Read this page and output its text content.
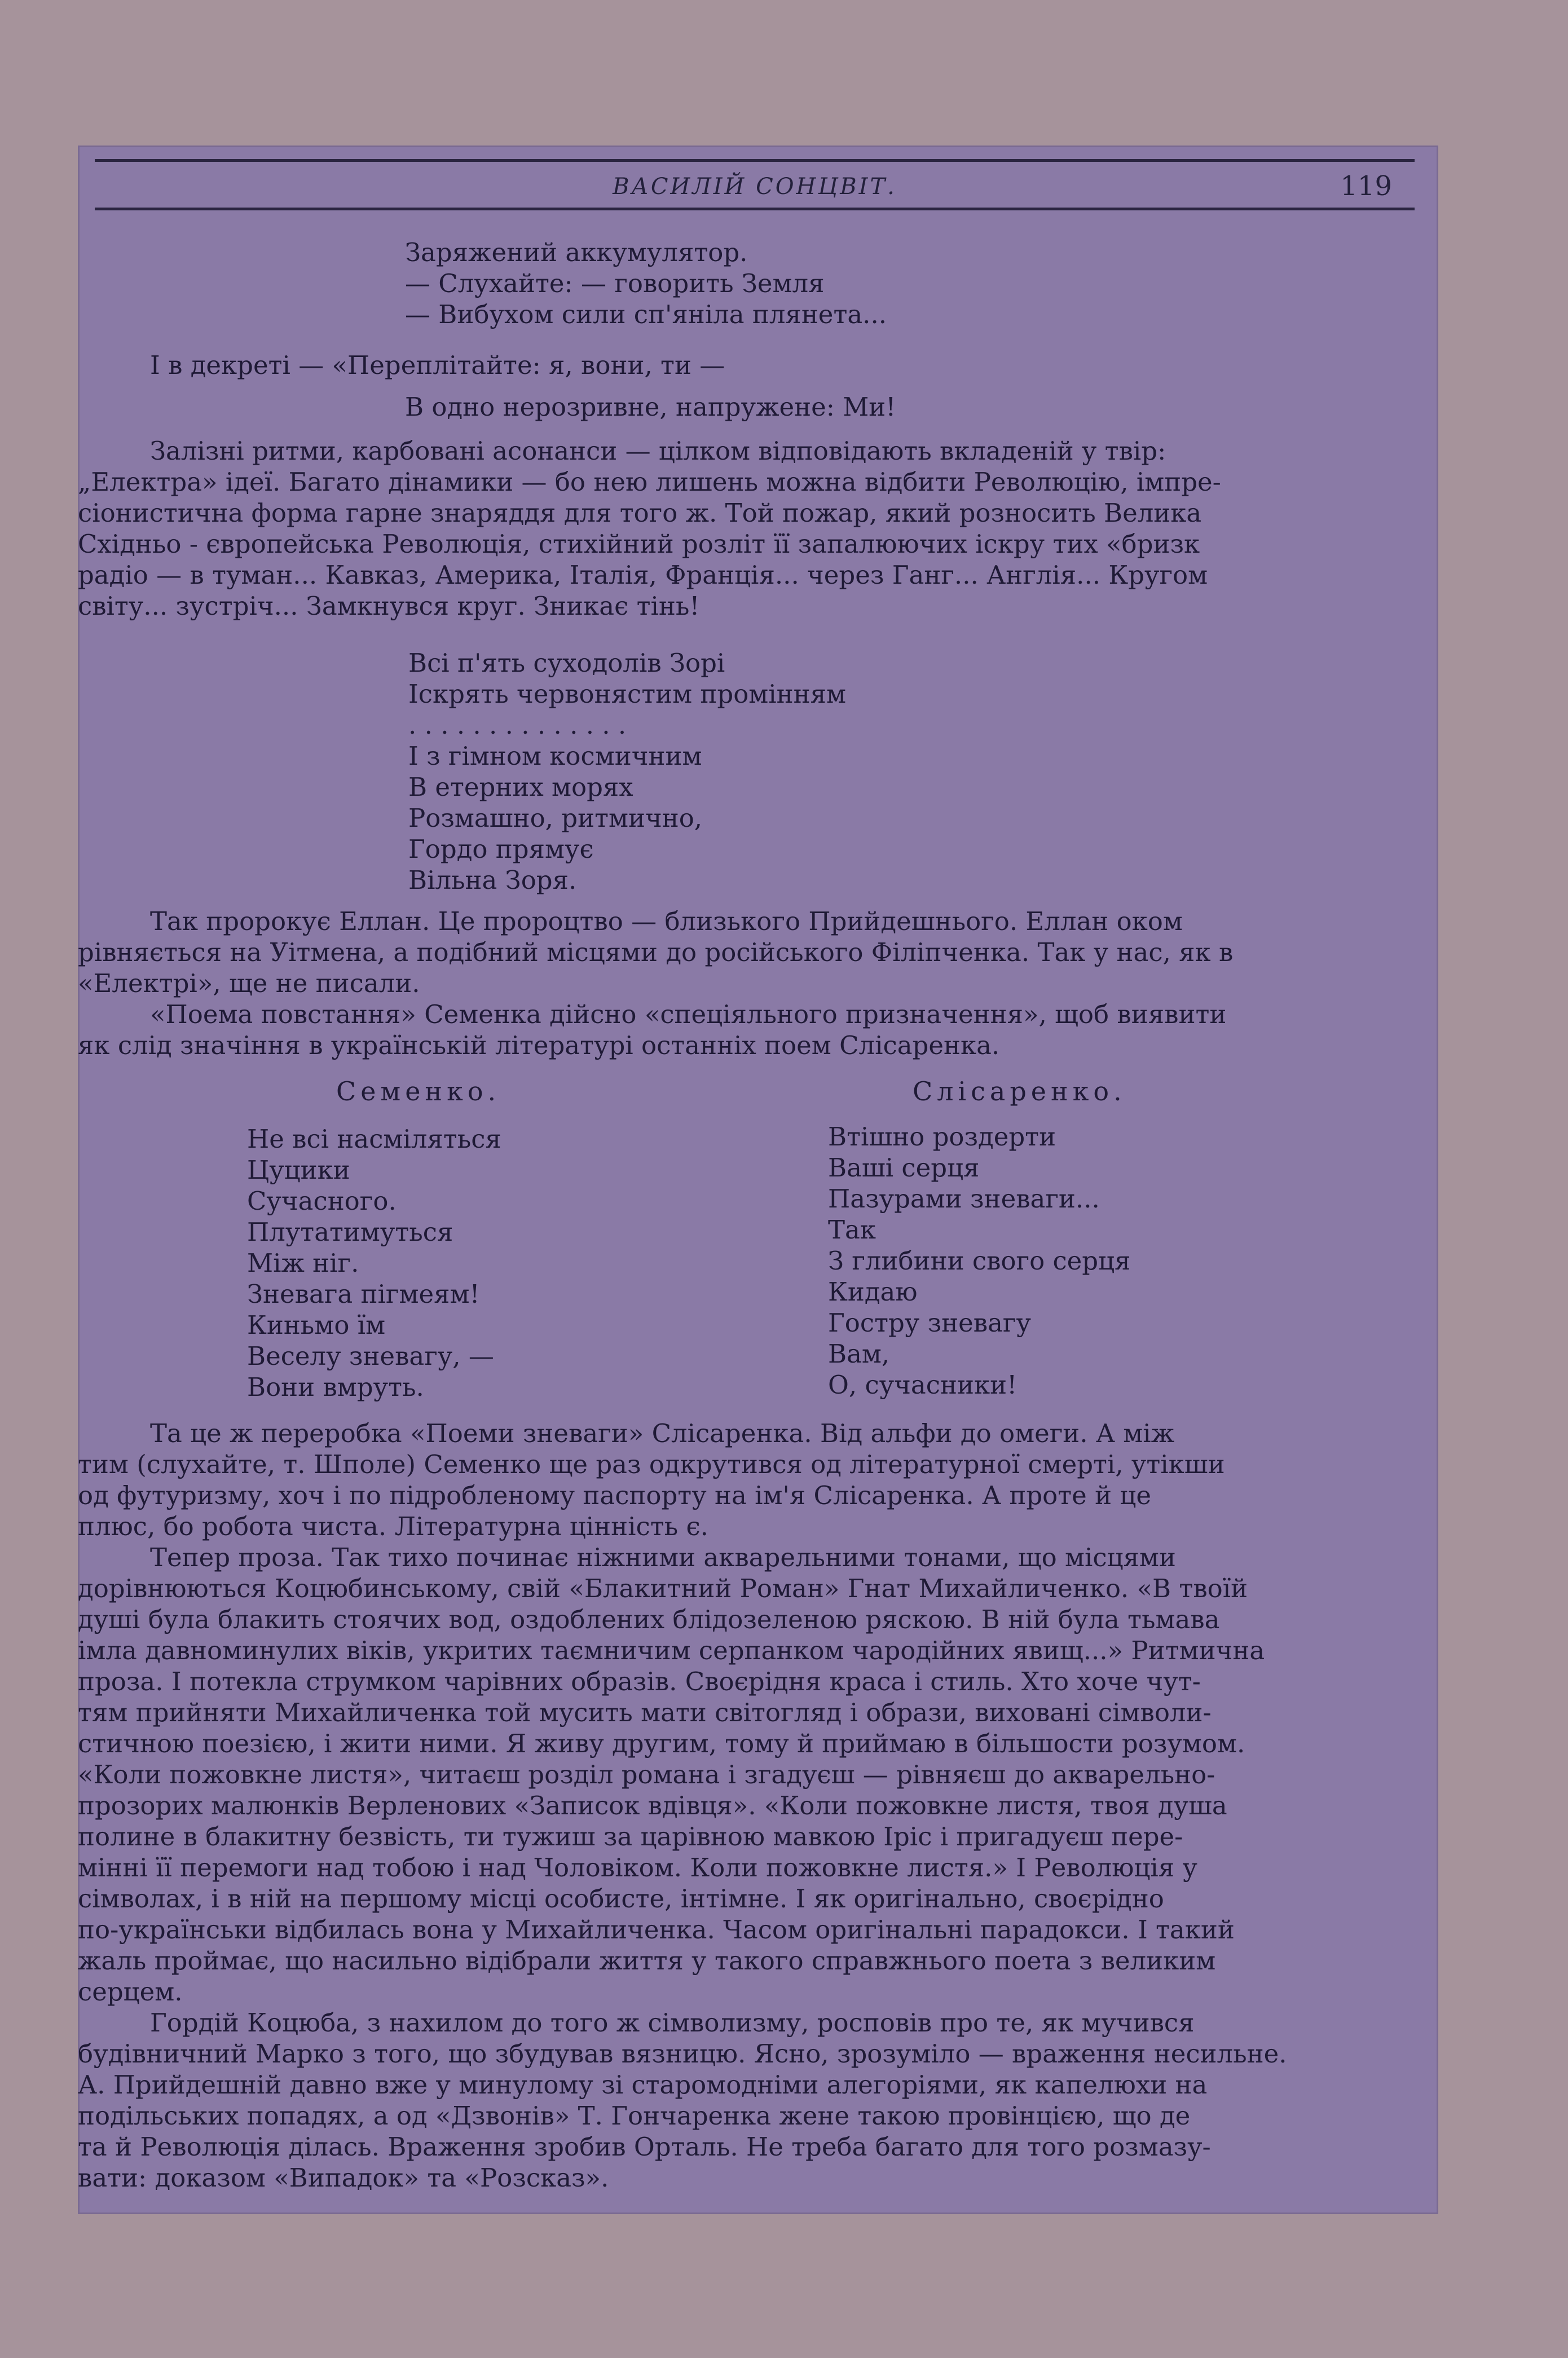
ВАСИЛІЙ СОНЦВІТ.	119
Заряжений аккумулятор.
— Слухайте: — говорить Земля
— Вибухом сили сп'яніла плянета...
І в декреті — «Переплітайте: я, вони, ти —
В одно нерозривне, напружене: Ми!
Залізні ритми, карбовані асонанси — цілком відповідають вкладеній у твір:
„Електра» ідеї. Багато дінамики — бо нею лишень можна відбити Революцію, імпре-
сіонистична форма гарне знаряддя для того ж. Той пожар, який розносить Велика
Східньо - європейська Революція, стихійний розліт її запалюючих іскру тих «бризк
радіо — в туман... Кавказ, Америка, Італія, Франція... через Ганг... Англія... Кругом
світу... зустріч... Замкнувся круг. Зникає тінь!
Всі п'ять суходолів Зорі
Іскрять червонястим промінням
. . . . . . . . . . . . . .
І з гімном космичним
В етерних морях
Розмашно, ритмично,
Гордо прямує
Вільна Зоря.
Так пророкує Еллан. Це пророцтво — близького Прийдешнього. Еллан оком
рівняється на Уітмена, а подібний місцями до російського Філіпченка. Так у нас, як в
«Електрі», ще не писали.
«Поема повстання» Семенка дійсно «спеціяльного призначення», щоб виявити
як слід значіння в українській літературі останніх поем Слісаренка.
Семенко.	Слісаренко.
Не всі насміляться
Цуцики
Сучасного.
Плутатимуться
Між ніг.
Зневага пігмеям!
Киньмо їм
Веселу зневагу, —
Вони вмруть.
Втішно роздерти
Ваші серця
Пазурами зневаги...
Так
З глибини свого серця
Кидаю
Гостру зневагу
Вам,
О, сучасники!
Та це ж переробка «Поеми зневаги» Слісаренка. Від альфи до омеги. А між
тим (слухайте, т. Шполе) Семенко ще раз одкрутився од літературної смерті, утікши
од футуризму, хоч і по підробленому паспорту на ім'я Слісаренка. А проте й це
плюс, бо робота чиста. Літературна цінність є.
Тепер проза. Так тихо починає ніжними акварельними тонами, що місцями
дорівнюються Коцюбинському, свій «Блакитний Роман» Гнат Михайличенко. «В твоїй
душі була блакить стоячих вод, оздоблених блідозеленою ряскою. В ній була тьмава
імла давноминулих віків, укритих таємничим серпанком чародійних явищ...» Ритмична
проза. І потекла струмком чарівних образів. Своєрідня краса і стиль. Хто хоче чут-
тям прийняти Михайличенка той мусить мати світогляд і образи, виховані сімволи-
стичною поезією, і жити ними. Я живу другим, тому й приймаю в більшости розумом.
«Коли пожовкне листя», читаєш розділ романа і згадуєш — рівняєш до акварельно-
прозорих малюнків Верленових «Записок вдівця». «Коли пожовкне листя, твоя душа
полине в блакитну безвість, ти тужиш за царівною мавкою Іріс і пригадуєш пере-
мінні її перемоги над тобою і над Чоловіком. Коли пожовкне листя.» І Революція у
сімволах, і в ній на першому місці особисте, інтімне. І як оригінально, своєрідно
по-українськи відбилась вона у Михайличенка. Часом оригінальні парадокси. І такий
жаль проймає, що насильно відібрали життя у такого справжнього поета з великим
серцем.
Гордій Коцюба, з нахилом до того ж сімволизму, росповів про те, як мучився
будівничний Марко з того, що збудував вязницю. Ясно, зрозуміло — враження несильне.
А. Прийдешній давно вже у минулому зі старомодніми алегоріями, як капелюхи на
подільських попадях, а од «Дзвонів» Т. Гончаренка жене такою провінцією, що де
та й Революція ділась. Враження зробив Орталь. Не треба багато для того розмазу-
вати: доказом «Випадок» та «Розсказ».
